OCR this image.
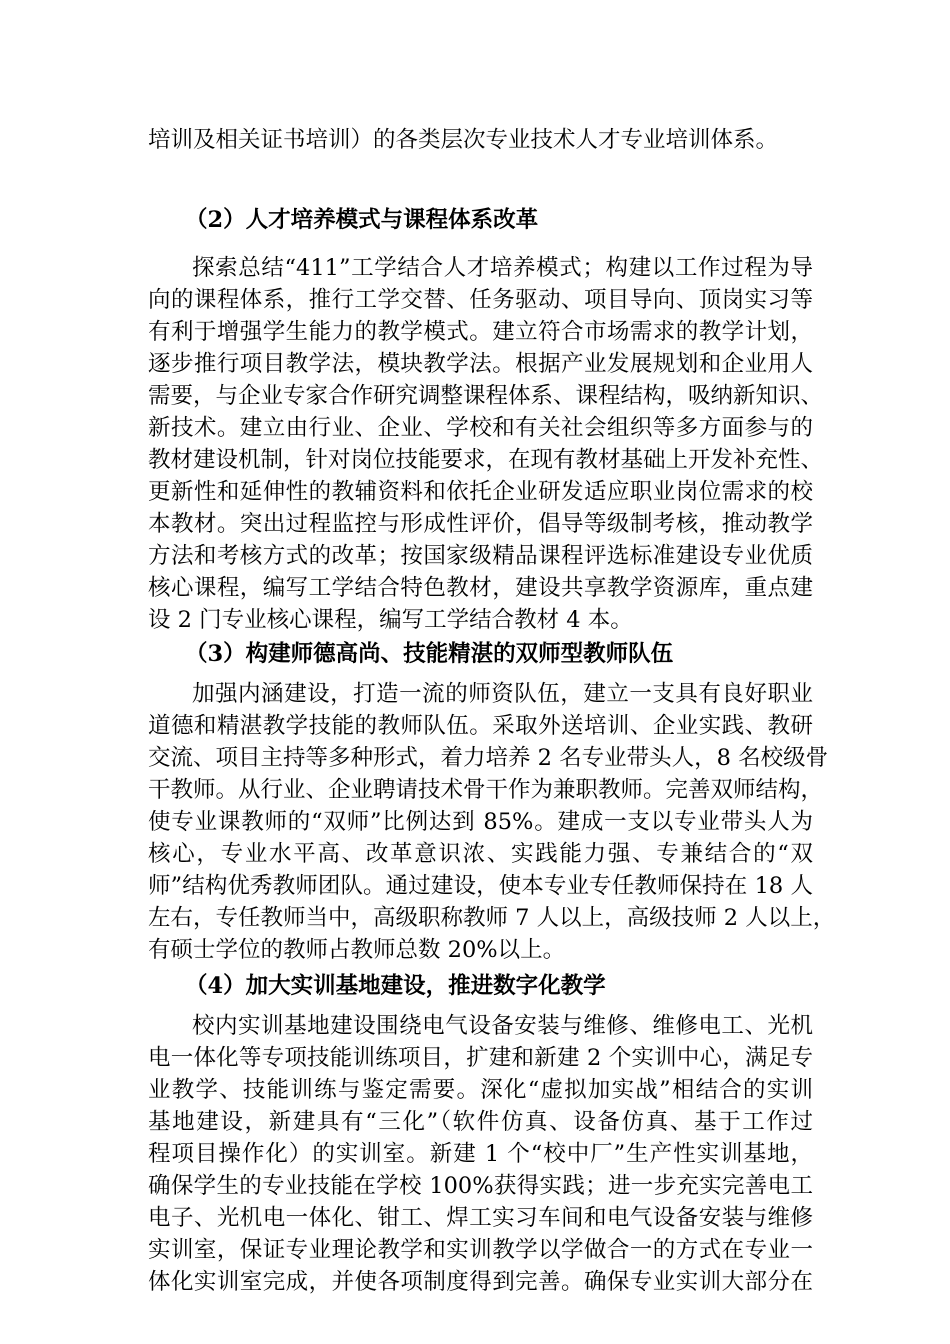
培训及相关证书培训）的各类层次专业技术人才专业培训体系。
（2）人才培养模式与课程体系改革
探索总结“411”工学结合人才培养模式；构建以工作过程为导
向的课程体系，推行工学交替、任务驱动、项目导向、顶岗实习等
有利于增强学生能力的教学模式。建立符合市场需求的教学计划，
逐步推行项目教学法，模块教学法。根据产业发展规划和企业用人
需要，与企业专家合作研究调整课程体系、课程结构，吸纳新知识、
新技术。建立由行业、企业、学校和有关社会组织等多方面参与的
教材建设机制，针对岗位技能要求，在现有教材基础上开发补充性、
更新性和延伸性的教辅资料和依托企业研发适应职业岗位需求的校
本教材。突出过程监控与形成性评价，倡导等级制考核，推动教学
方法和考核方式的改革；按国家级精品课程评选标准建设专业优质
核心课程，编写工学结合特色教材，建设共享教学资源库，重点建
设 2 门专业核心课程，编写工学结合教材 4 本。
（3）构建师德高尚、技能精湛的双师型教师队伍
加强内涵建设，打造一流的师资队伍，建立一支具有良好职业
道德和精湛教学技能的教师队伍。采取外送培训、企业实践、教研
交流、项目主持等多种形式，着力培养 2 名专业带头人，8 名校级骨
干教师。从行业、企业聘请技术骨干作为兼职教师。完善双师结构，
使专业课教师的“双师”比例达到 85%。建成一支以专业带头人为
核心，专业水平高、改革意识浓、实践能力强、专兼结合的“双
师”结构优秀教师团队。通过建设，使本专业专任教师保持在 18 人
左右，专任教师当中，高级职称教师 7 人以上，高级技师 2 人以上，
有硕士学位的教师占教师总数 20%以上。
（4）加大实训基地建设，推进数字化教学
校内实训基地建设围绕电气设备安装与维修、维修电工、光机
电一体化等专项技能训练项目，扩建和新建 2 个实训中心，满足专
业教学、技能训练与鉴定需要。深化“虚拟加实战”相结合的实训
基地建设，新建具有“三化”（软件仿真、设备仿真、基于工作过
程项目操作化）的实训室。新建 1 个“校中厂”生产性实训基地，
确保学生的专业技能在学校 100%获得实践；进一步充实完善电工
电子、光机电一体化、钳工、焊工实习车间和电气设备安装与维修
实训室，保证专业理论教学和实训教学以学做合一的方式在专业一
体化实训室完成，并使各项制度得到完善。确保专业实训大部分在
